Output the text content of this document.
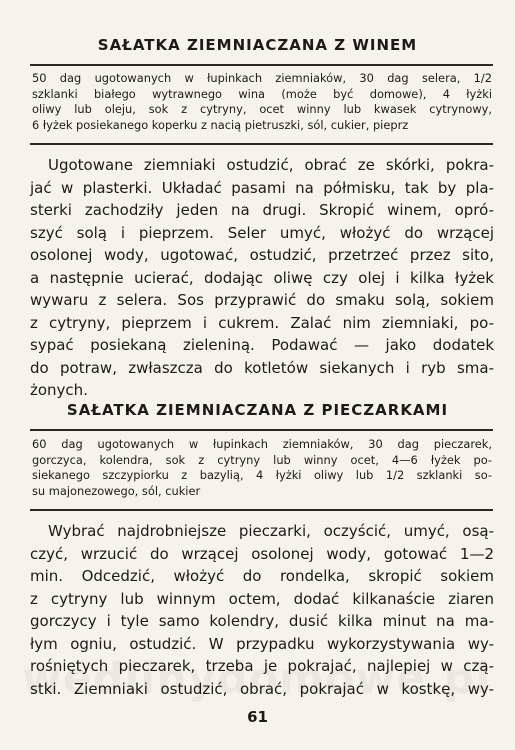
SAŁATKA ZIEMNIACZANA Z WINEM
50 dag ugotowanych w łupinkach ziemniaków, 30 dag selera, 1/2
szklanki białego wytrawnego wina (może być domowe), 4 łyżki
oliwy lub oleju, sok z cytryny, ocet winny lub kwasek cytrynowy,
6 łyżek posiekanego koperku z nacią pietruszki, sól, cukier, pieprz
Ugotowane ziemniaki ostudzić, obrać ze skórki, pokra-
jać w plasterki. Układać pasami na półmisku, tak by pla-
sterki zachodziły jeden na drugi. Skropić winem, opró-
szyć solą i pieprzem. Seler umyć, włożyć do wrzącej
osolonej wody, ugotować, ostudzić, przetrzeć przez sito,
a następnie ucierać, dodając oliwę czy olej i kilka łyżek
wywaru z selera. Sos przyprawić do smaku solą, sokiem
z cytryny, pieprzem i cukrem. Zalać nim ziemniaki, po-
sypać posiekaną zieleniną. Podawać — jako dodatek
do potraw, zwłaszcza do kotletów siekanych i ryb sma-
żonych.
SAŁATKA ZIEMNIACZANA Z PIECZARKAMI
60 dag ugotowanych w łupinkach ziemniaków, 30 dag pieczarek,
gorczyca, kolendra, sok z cytryny lub winny ocet, 4—6 łyżek po-
siekanego szczypiorku z bazylią, 4 łyżki oliwy lub 1/2 szklanki so-
su majonezowego, sól, cukier
Wybrać najdrobniejsze pieczarki, oczyścić, umyć, osą-
czyć, wrzucić do wrzącej osolonej wody, gotować 1—2
min. Odcedzić, włożyć do rondelka, skropić sokiem
z cytryny lub winnym octem, dodać kilkanaście ziaren
gorczycy i tyle samo kolendry, dusić kilka minut na ma-
łym ogniu, ostudzić. W przypadku wykorzystywania wy-
rośniętych pieczarek, trzeba je pokrajać, najlepiej w czą-
stki. Ziemniaki ostudzić, obrać, pokrajać w kostkę, wy-
61
